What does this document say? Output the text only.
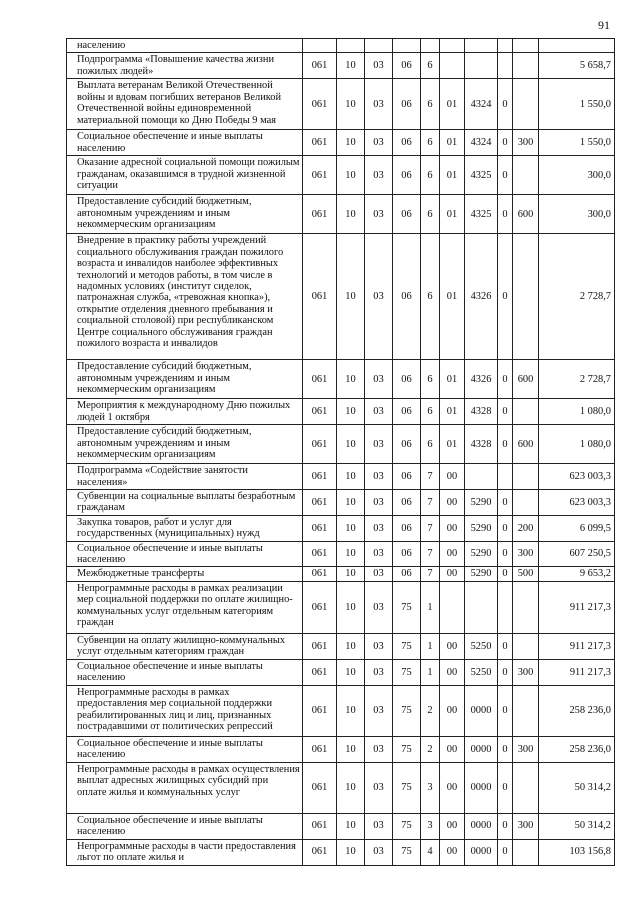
91
населению										
Подпрограмма «Повышение качества жизни пожилых людей»	061	10	03	06	6					5 658,7
Выплата ветеранам Великой Отечественной войны и вдовам погибших ветеранов Великой Отечественной войны единовременной материальной помощи ко Дню Победы 9 мая	061	10	03	06	6	01	4324	0		1 550,0
Социальное обеспечение и иные выплаты населению	061	10	03	06	6	01	4324	0	300	1 550,0
Оказание адресной социальной помощи пожилым гражданам, оказавшимся в трудной жизненной ситуации	061	10	03	06	6	01	4325	0		300,0
Предоставление субсидий бюджетным, автономным учреждениям и иным некоммерческим организациям	061	10	03	06	6	01	4325	0	600	300,0
Внедрение в практику работы учреждений социального обслуживания граждан пожилого возраста и инвалидов наиболее эффективных технологий и методов работы, в том числе в надомных условиях (институт сиделок, патронажная служба, «тревожная кнопка»), открытие отделения дневного пребывания и социальной столовой) при республиканском Центре социального обслуживания граждан пожилого возраста и инвалидов	061	10	03	06	6	01	4326	0		2 728,7
Предоставление субсидий бюджетным, автономным учреждениям и иным некоммерческим организациям	061	10	03	06	6	01	4326	0	600	2 728,7
Мероприятия к международному Дню пожилых людей 1 октября	061	10	03	06	6	01	4328	0		1 080,0
Предоставление субсидий бюджетным, автономным учреждениям и иным некоммерческим организациям	061	10	03	06	6	01	4328	0	600	1 080,0
Подпрограмма «Содействие занятости населения»	061	10	03	06	7	00				623 003,3
Субвенции на социальные выплаты безработным гражданам	061	10	03	06	7	00	5290	0		623 003,3
Закупка товаров, работ и услуг для государственных (муниципальных) нужд	061	10	03	06	7	00	5290	0	200	6 099,5
Социальное обеспечение и иные выплаты населению	061	10	03	06	7	00	5290	0	300	607 250,5
Межбюджетные трансферты	061	10	03	06	7	00	5290	0	500	9 653,2
Непрограммные расходы в рамках реализации мер социальной поддержки по оплате жилищно-коммунальных услуг отдельным категориям граждан	061	10	03	75	1					911 217,3
Субвенции на оплату жилищно-коммунальных услуг отдельным категориям граждан	061	10	03	75	1	00	5250	0		911 217,3
Социальное обеспечение и иные выплаты населению	061	10	03	75	1	00	5250	0	300	911 217,3
Непрограммные расходы в рамках предоставления мер социальной поддержки реабилитированных лиц и лиц, признанных пострадавшими от политических репрессий	061	10	03	75	2	00	0000	0		258 236,0
Социальное обеспечение и иные выплаты населению	061	10	03	75	2	00	0000	0	300	258 236,0
Непрограммные расходы в рамках осуществления выплат адресных жилищных субсидий при оплате жилья и коммунальных услуг	061	10	03	75	3	00	0000	0		50 314,2
Социальное обеспечение и иные выплаты населению	061	10	03	75	3	00	0000	0	300	50 314,2
Непрограммные расходы в части предоставления льгот по оплате жилья и	061	10	03	75	4	00	0000	0		103 156,8
